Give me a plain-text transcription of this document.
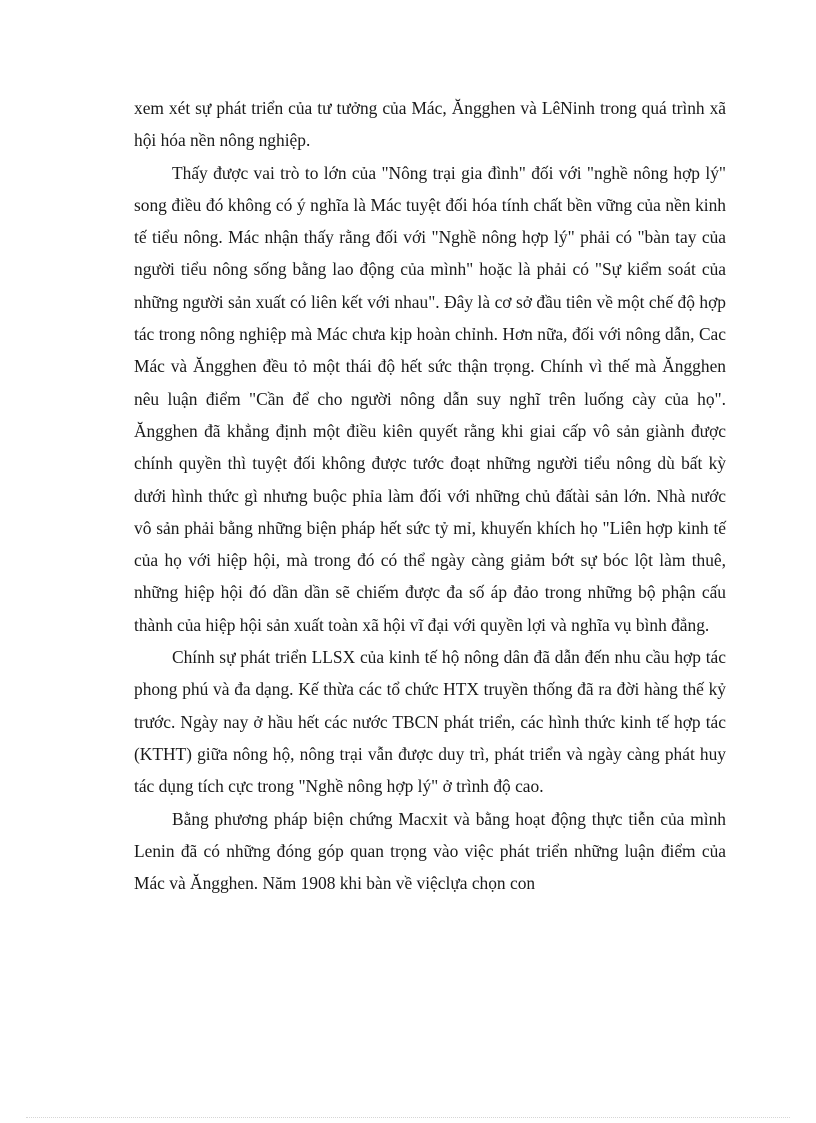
xem xét sự phát triển của tư tưởng của Mác, Ăngghen và LêNinh trong quá trình xã hội hóa nền nông nghiệp.

Thấy được vai trò to lớn của "Nông trại gia đình" đối với "nghề nông hợp lý" song điều đó không có ý nghĩa là Mác tuyệt đối hóa tính chất bền vững của nền kinh tế tiểu nông. Mác nhận thấy rằng đối với "Nghề nông hợp lý" phải có "bàn tay của người tiểu nông sống bằng lao động của mình" hoặc là phải có "Sự kiểm soát của những người sản xuất có liên kết với nhau". Đây là cơ sở đầu tiên về một chế độ hợp tác trong nông nghiệp mà Mác chưa kịp hoàn chỉnh. Hơn nữa, đối với nông dẫn, Cac Mác và Ăngghen đều tỏ một thái độ hết sức thận trọng. Chính vì thế mà Ăngghen nêu luận điểm "Cần để cho người nông dẫn suy nghĩ trên luống cày của họ". Ăngghen đã khẳng định một điều kiên quyết rằng khi giai cấp vô sản giành được chính quyền thì tuyệt đối không được tước đoạt những người tiểu nông dù bất kỳ dưới hình thức gì nhưng buộc phỉa làm đối với những chủ đấtài sản lớn. Nhà nước vô sản phải bằng những biện pháp hết sức tỷ mỉ, khuyến khích họ "Liên hợp kinh tế của họ với hiệp hội, mà trong đó có thể ngày càng giảm bớt sự bóc lột làm thuê, những hiệp hội đó dần dần sẽ chiếm được đa số áp đảo trong những bộ phận cấu thành của hiệp hội sản xuất toàn xã hội vĩ đại với quyền lợi và nghĩa vụ bình đẳng.

Chính sự phát triển LLSX của kinh tế hộ nông dân đã dẫn đến nhu cầu hợp tác phong phú và đa dạng. Kế thừa các tổ chức HTX truyền thống đã ra đời hàng thế kỷ trước. Ngày nay ở hầu hết các nước TBCN phát triển, các hình thức kinh tế hợp tác (KTHT) giữa nông hộ, nông trại vẫn được duy trì, phát triển và ngày càng phát huy tác dụng tích cực trong "Nghề nông hợp lý" ở trình độ cao.

Bằng phương pháp biện chứng Macxit và bằng hoạt động thực tiễn của mình Lenin đã có những đóng góp quan trọng vào việc phát triển những luận điểm của Mác và Ăngghen. Năm 1908 khi bàn về việclựa chọn con
